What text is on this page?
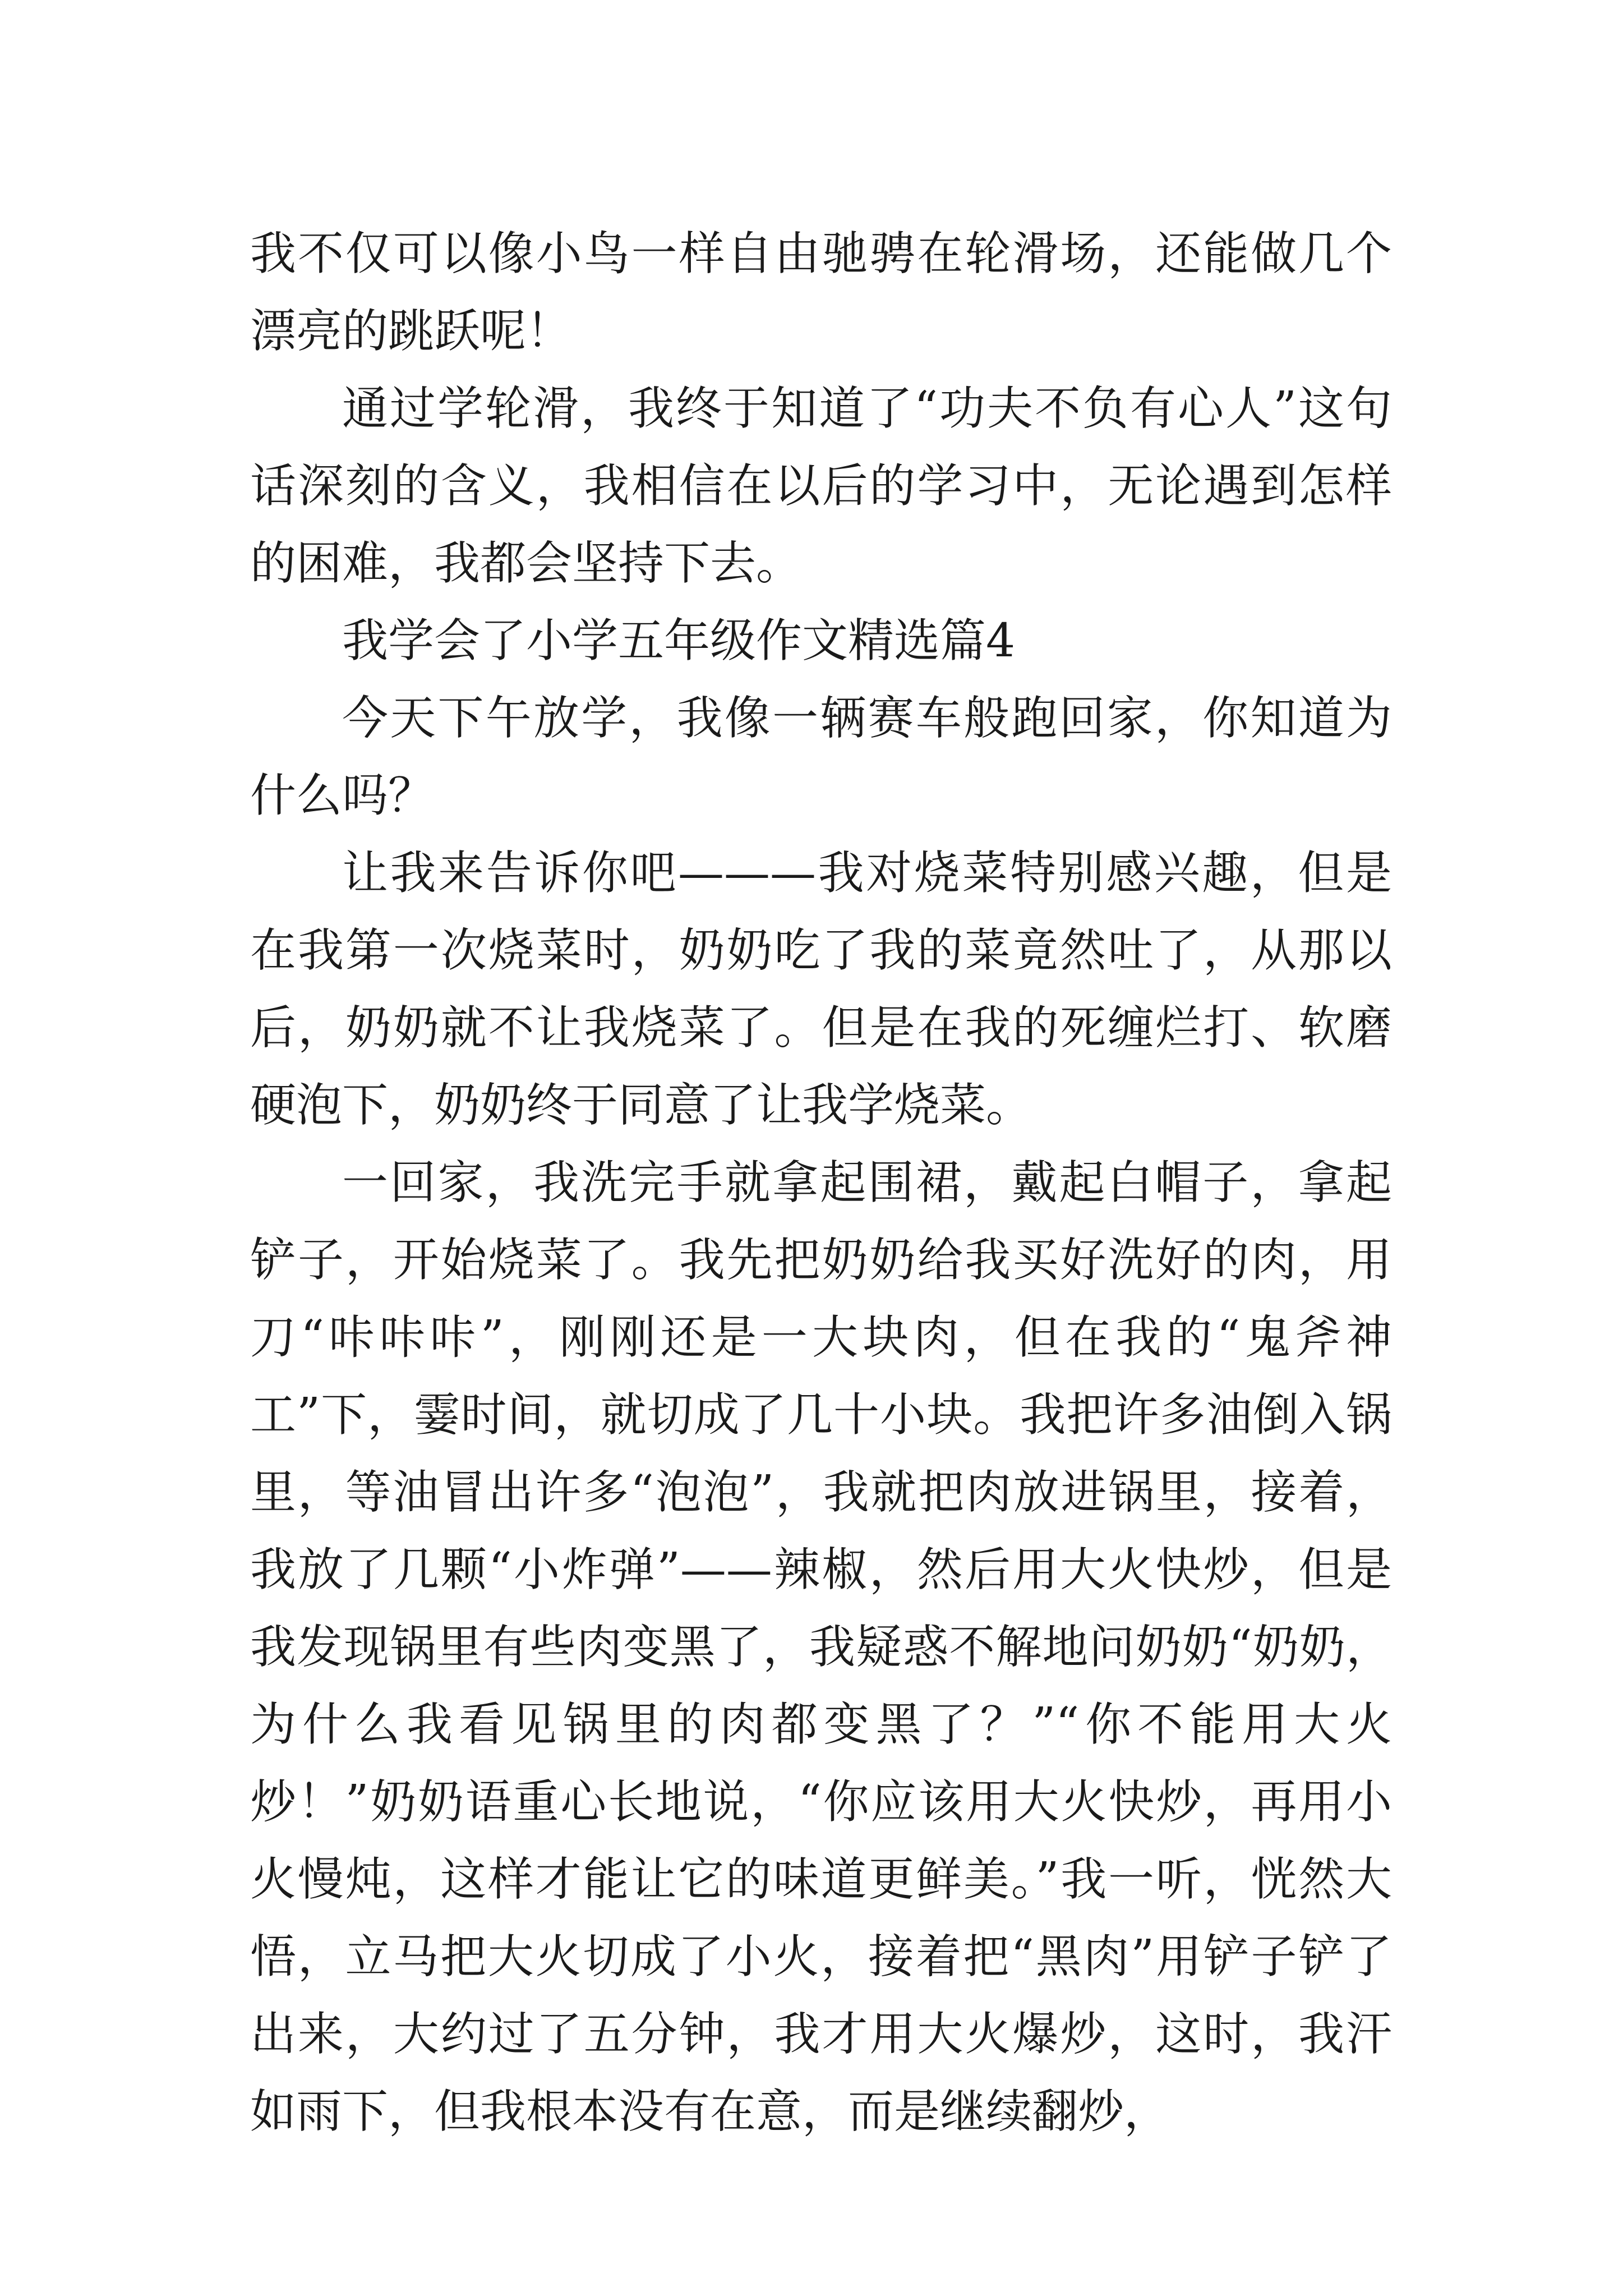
我不仅可以像小鸟一样自由驰骋在轮滑场，还能做几个漂亮的跳跃呢！

通过学轮滑，我终于知道了“功夫不负有心人”这句话深刻的含义，我相信在以后的学习中，无论遇到怎样的困难，我都会坚持下去。

我学会了小学五年级作文精选篇4

今天下午放学，我像一辆赛车般跑回家，你知道为什么吗？

让我来告诉你吧———我对烧菜特别感兴趣，但是在我第一次烧菜时，奶奶吃了我的菜竟然吐了，从那以后，奶奶就不让我烧菜了。但是在我的死缠烂打、软磨硬泡下，奶奶终于同意了让我学烧菜。

一回家，我洗完手就拿起围裙，戴起白帽子，拿起铲子，开始烧菜了。我先把奶奶给我买好洗好的肉，用刀“咔咔咔”，刚刚还是一大块肉，但在我的“鬼斧神工”下，霎时间，就切成了几十小块。我把许多油倒入锅里，等油冒出许多“泡泡”，我就把肉放进锅里，接着，我放了几颗“小炸弹”——辣椒，然后用大火快炒，但是我发现锅里有些肉变黑了，我疑惑不解地问奶奶“奶奶，为什么我看见锅里的肉都变黑了？”“你不能用大火炒！”奶奶语重心长地说，“你应该用大火快炒，再用小火慢炖，这样才能让它的味道更鲜美。”我一听，恍然大悟，立马把大火切成了小火，接着把“黑肉”用铲子铲了出来，大约过了五分钟，我才用大火爆炒，这时，我汗如雨下，但我根本没有在意，而是继续翻炒，
